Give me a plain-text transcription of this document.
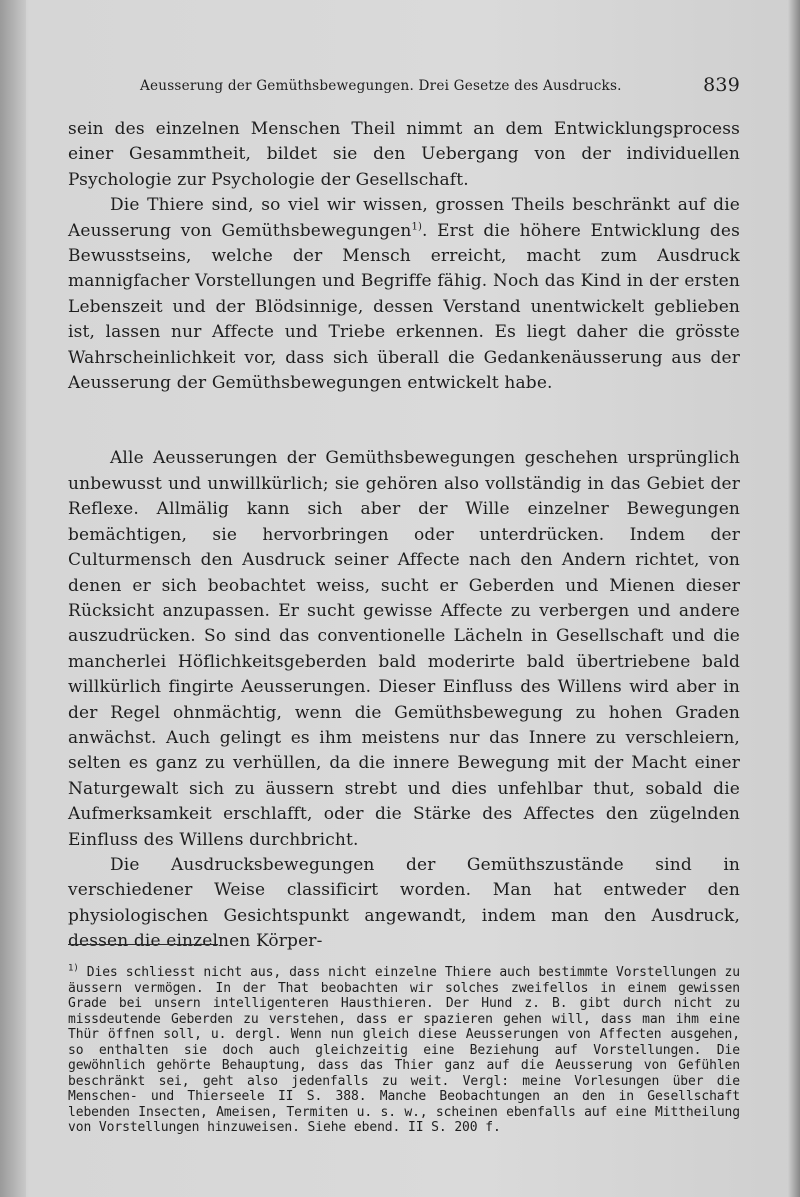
Aeusserung der Gemüthsbewegungen. Drei Gesetze des Ausdrucks.	839

sein des einzelnen Menschen Theil nimmt an dem Entwicklungsprocess einer Gesammtheit, bildet sie den Uebergang von der individuellen Psychologie zur Psychologie der Gesellschaft.

Die Thiere sind, so viel wir wissen, grossen Theils beschränkt auf die Aeusserung von Gemüthsbewegungen$^{1)}$. Erst die höhere Entwicklung des Bewusstseins, welche der Mensch erreicht, macht zum Ausdruck mannigfacher Vorstellungen und Begriffe fähig. Noch das Kind in der ersten Lebenszeit und der Blödsinnige, dessen Verstand unentwickelt geblieben ist, lassen nur Affecte und Triebe erkennen. Es liegt daher die grösste Wahrscheinlichkeit vor, dass sich überall die Gedankenäusserung aus der Aeusserung der Gemüthsbewegungen entwickelt habe.

Alle Aeusserungen der Gemüthsbewegungen geschehen ursprünglich unbewusst und unwillkürlich; sie gehören also vollständig in das Gebiet der Reflexe. Allmälig kann sich aber der Wille einzelner Bewegungen bemächtigen, sie hervorbringen oder unterdrücken. Indem der Culturmensch den Ausdruck seiner Affecte nach den Andern richtet, von denen er sich beobachtet weiss, sucht er Geberden und Mienen dieser Rücksicht anzupassen. Er sucht gewisse Affecte zu verbergen und andere auszudrücken. So sind das conventionelle Lächeln in Gesellschaft und die mancherlei Höflichkeitsgeberden bald moderirte bald übertriebene bald willkürlich fingirte Aeusserungen. Dieser Einfluss des Willens wird aber in der Regel ohnmächtig, wenn die Gemüthsbewegung zu hohen Graden anwächst. Auch gelingt es ihm meistens nur das Innere zu verschleiern, selten es ganz zu verhüllen, da die innere Bewegung mit der Macht einer Naturgewalt sich zu äussern strebt und dies unfehlbar thut, sobald die Aufmerksamkeit erschlafft, oder die Stärke des Affectes den zügelnden Einfluss des Willens durchbricht.

Die Ausdrucksbewegungen der Gemüthszustände sind in verschiedener Weise classificirt worden. Man hat entweder den physiologischen Gesichtspunkt angewandt, indem man den Ausdruck, dessen die einzelnen Körper-

$^{1)}$ Dies schliesst nicht aus, dass nicht einzelne Thiere auch bestimmte Vorstellungen zu äussern vermögen. In der That beobachten wir solches zweifellos in einem gewissen Grade bei unsern intelligenteren Hausthieren. Der Hund z. B. gibt durch nicht zu missdeutende Geberden zu verstehen, dass er spazieren gehen will, dass man ihm eine Thür öffnen soll, u. dergl. Wenn nun gleich diese Aeusserungen von Affecten ausgehen, so enthalten sie doch auch gleichzeitig eine Beziehung auf Vorstellungen. Die gewöhnlich gehörte Behauptung, dass das Thier ganz auf die Aeusserung von Gefühlen beschränkt sei, geht also jedenfalls zu weit. Vergl: meine Vorlesungen über die Menschen- und Thierseele II S. 388. Manche Beobachtungen an den in Gesellschaft lebenden Insecten, Ameisen, Termiten u. s. w., scheinen ebenfalls auf eine Mittheilung von Vorstellungen hinzuweisen. Siehe ebend. II S. 200 f.
